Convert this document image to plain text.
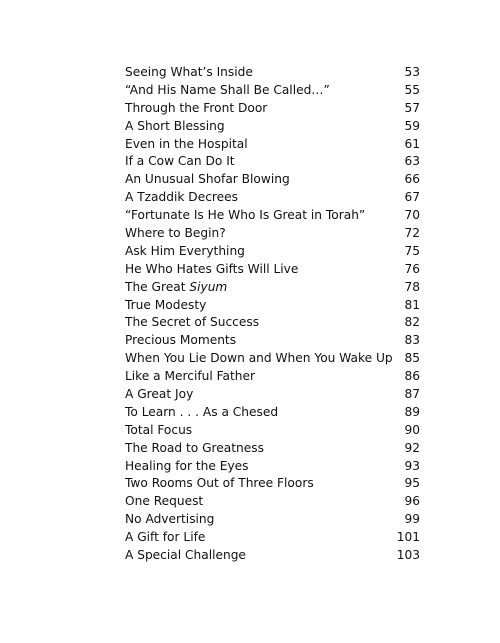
Seeing What’s Inside	53
“And His Name Shall Be Called…”	55
Through the Front Door	57
A Short Blessing	59
Even in the Hospital	61
If a Cow Can Do It	63
An Unusual Shofar Blowing	66
A Tzaddik Decrees	67
“Fortunate Is He Who Is Great in Torah”	70
Where to Begin?	72
Ask Him Everything	75
He Who Hates Gifts Will Live	76
The Great Siyum	78
True Modesty	81
The Secret of Success	82
Precious Moments	83
When You Lie Down and When You Wake Up 85
Like a Merciful Father	86
A Great Joy	87
To Learn . . . As a Chesed	89
Total Focus	90
The Road to Greatness	92
Healing for the Eyes	93
Two Rooms Out of Three Floors	95
One Request	96
No Advertising	99
A Gift for Life	101
A Special Challenge	103
